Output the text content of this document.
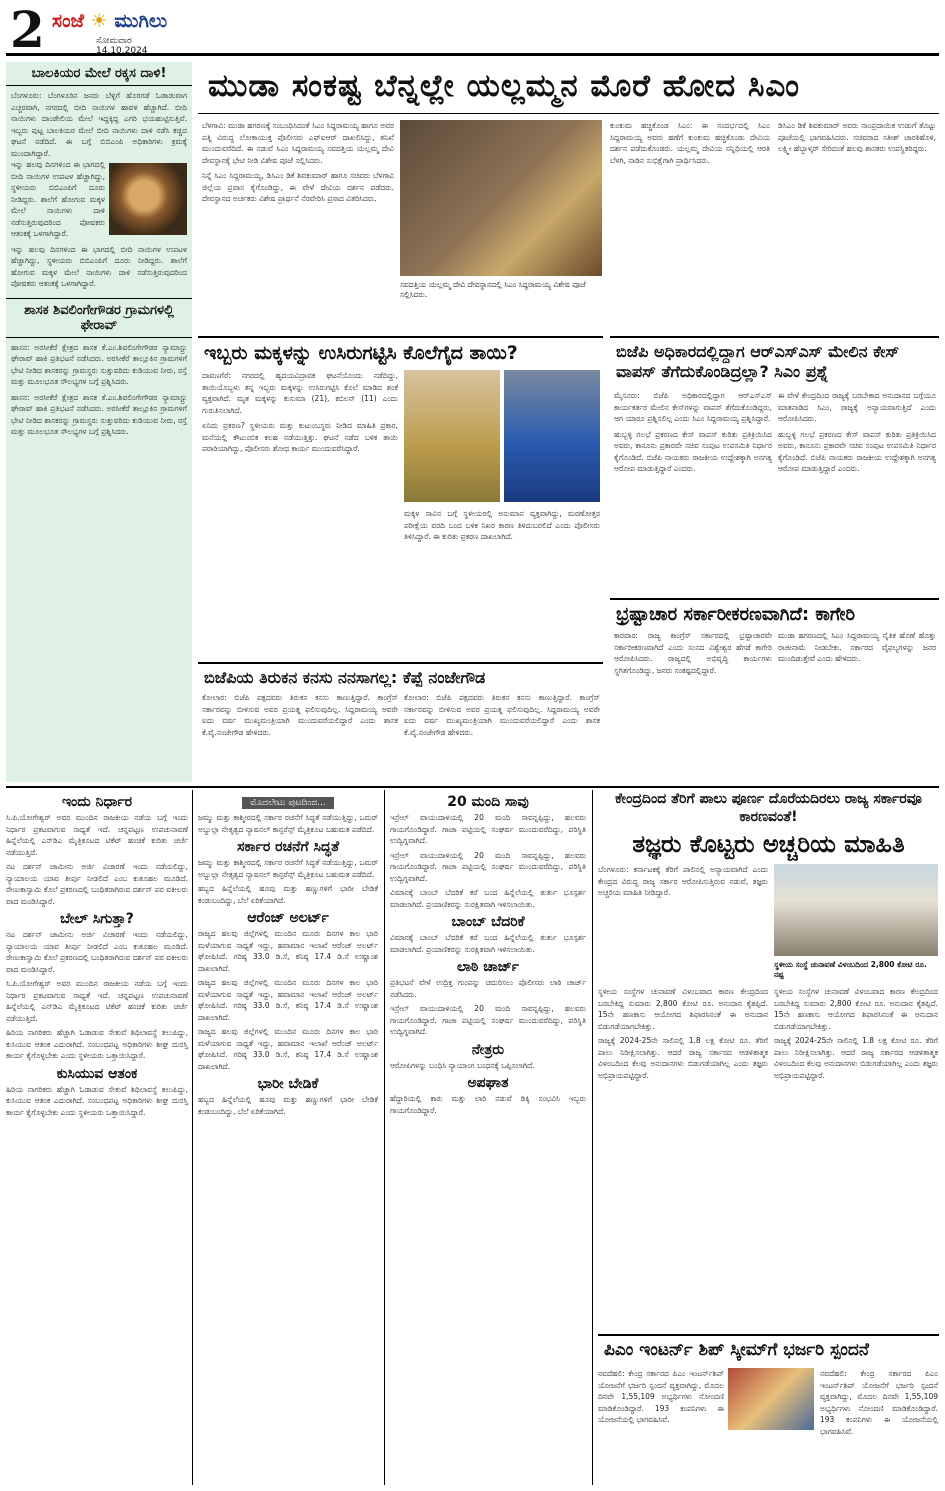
2 ಸಂಜೆ ☀ ಮುಗಿಲು
ಸೋಮವಾರ
14.10.2024
ಬಾಲಕಿಯರ ಮೇಲೆ ರಕ್ಕಸ ದಾಳಿ!

ಬೆಂಗಳೂರು: ಬೆಂಗಳೂರಿನ ಜನರು ಬೆಳ್ಳಿಗೆ ಹೊರಗಡೆ ಓಡಾಡುವಾಗ ಎಚ್ಚರವಾಗಿ, ನಗರದಲ್ಲಿ ಬೀದಿ ನಾಯಿಗಳ ಹಾವಳಿ ಹೆಚ್ಚಾಗಿದೆ. ಬೀದಿ ನಾಯಿಗಳು ದಾಂಡೇಲಿಯ ಮೇಲೆ ಇದ್ದಕ್ಕಿದ್ದ ಎಗರಿ ಭಯಹುಟ್ಟಿಸುತ್ತಿವೆ. ಇಬ್ಬರು ಪುಟ್ಟ ಬಾಲಕಿಯರ ಮೇಲೆ ಬೀದಿ ನಾಯಿಗಳು ದಾಳಿ ನಡೆಸಿ ಕಚ್ಚಿದ ಘಟನೆ ನಡೆದಿದೆ. ಈ ಬಗ್ಗೆ ಬಿಬಿಎಂಪಿ ಅಧಿಕಾರಿಗಳು ಕ್ರಮಕ್ಕೆ ಮುಂದಾಗಿದ್ದಾರೆ.

ಇನ್ನು ಹಲವು ದಿನಗಳಿಂದ ಈ ಭಾಗದಲ್ಲಿ ಬೀದಿ ನಾಯಿಗಳ ಉಪಟಳ ಹೆಚ್ಚಾಗಿದ್ದು, ಸ್ಥಳೀಯರು ಬಿಬಿಎಂಪಿಗೆ ದೂರು ನೀಡಿದ್ದರು. ಶಾಲೆಗೆ ಹೋಗುವ ಮಕ್ಕಳ ಮೇಲೆ ನಾಯಿಗಳು ದಾಳಿ ನಡೆಸುತ್ತಿರುವುದರಿಂದ ಪೋಷಕರು ಆತಂಕಕ್ಕೆ ಒಳಗಾಗಿದ್ದಾರೆ.

ಇನ್ನು ಹಲವು ದಿನಗಳಿಂದ ಈ ಭಾಗದಲ್ಲಿ ಬೀದಿ ನಾಯಿಗಳ ಉಪಟಳ ಹೆಚ್ಚಾಗಿದ್ದು, ಸ್ಥಳೀಯರು ಬಿಬಿಎಂಪಿಗೆ ದೂರು ನೀಡಿದ್ದರು. ಶಾಲೆಗೆ ಹೋಗುವ ಮಕ್ಕಳ ಮೇಲೆ ನಾಯಿಗಳು ದಾಳಿ ನಡೆಸುತ್ತಿರುವುದರಿಂದ ಪೋಷಕರು ಆತಂಕಕ್ಕೆ ಒಳಗಾಗಿದ್ದಾರೆ.

ಶಾಸಕ ಶಿವಲಿಂಗೇಗೌಡರ ಗ್ರಾಮಗಳಲ್ಲಿ ಫೇರಾವ್

ಹಾಸನ: ಅರಸೀಕೆರೆ ಕ್ಷೇತ್ರದ ಶಾಸಕ ಕೆ.ಎಂ.ಶಿವಲಿಂಗೇಗೌಡರ ನ್ಯಾಮಾಸ್ಟ್ರು ಘೇರಾವ್ ಹಾಕಿ ಪ್ರತಿಭಟನೆ ನಡೆಸಿದರು. ಅರಸೀಕೆರೆ ತಾಲ್ಲೂಕಿನ ಗ್ರಾಮಗಳಿಗೆ ಭೇಟಿ ನೀಡಿದ ಶಾಸಕರನ್ನು ಗ್ರಾಮಸ್ಥರು ಸುತ್ತುವರಿದು ಕುಡಿಯುವ ನೀರು, ರಸ್ತೆ ಮತ್ತು ಮೂಲಭೂತ ಸೌಲಭ್ಯಗಳ ಬಗ್ಗೆ ಪ್ರಶ್ನಿಸಿದರು.

ಹಾಸನ: ಅರಸೀಕೆರೆ ಕ್ಷೇತ್ರದ ಶಾಸಕ ಕೆ.ಎಂ.ಶಿವಲಿಂಗೇಗೌಡರ ನ್ಯಾಮಾಸ್ಟ್ರು ಘೇರಾವ್ ಹಾಕಿ ಪ್ರತಿಭಟನೆ ನಡೆಸಿದರು. ಅರಸೀಕೆರೆ ತಾಲ್ಲೂಕಿನ ಗ್ರಾಮಗಳಿಗೆ ಭೇಟಿ ನೀಡಿದ ಶಾಸಕರನ್ನು ಗ್ರಾಮಸ್ಥರು ಸುತ್ತುವರಿದು ಕುಡಿಯುವ ನೀರು, ರಸ್ತೆ ಮತ್ತು ಮೂಲಭೂತ ಸೌಲಭ್ಯಗಳ ಬಗ್ಗೆ ಪ್ರಶ್ನಿಸಿದರು.

ಮುಡಾ ಸಂಕಷ್ಟ ಬೆನ್ನಲ್ಲೇ ಯಲ್ಲಮ್ಮನ ಮೊರೆ ಹೋದ ಸಿಎಂ

ಬೆಳಗಾವಿ: ಮುಡಾ ಹಗರಣಕ್ಕೆ ಸಂಬಂಧಿಸಿದಂತೆ ಸಿಎಂ ಸಿದ್ದರಾಮಯ್ಯ ಹಾಗೂ ಅವರ ಪತ್ನಿ ವಿರುದ್ಧ ಲೋಕಾಯುಕ್ತ ಪೊಲೀಸರು ಎಫ್‌ಐಆರ್ ದಾಖಲಿಸಿದ್ದು, ತನಿಖೆ ಮುಂದುವರೆದಿದೆ. ಈ ನಡುವೆ ಸಿಎಂ ಸಿದ್ದರಾಮಯ್ಯ ಸವದತ್ತಿಯ ಯಲ್ಲಮ್ಮ ದೇವಿ ದೇವಸ್ಥಾನಕ್ಕೆ ಭೇಟಿ ನೀಡಿ ವಿಶೇಷ ಪೂಜೆ ಸಲ್ಲಿಸಿದರು.

ನಿನ್ನೆ ಸಿಎಂ ಸಿದ್ದರಾಮಯ್ಯ, ಡಿಸಿಎಂ ಡಿಕೆ ಶಿವಕುಮಾರ್ ಹಾಗೂ ಸಚಿವರು ಬೆಳಗಾವಿ ಜಿಲ್ಲೆಯ ಪ್ರವಾಸ ಕೈಗೊಂಡಿದ್ದು, ಈ ವೇಳೆ ದೇವಿಯ ದರ್ಶನ ಪಡೆದರು. ದೇವಸ್ಥಾನದ ಅರ್ಚಕರು ವಿಶೇಷ ಪ್ರಾರ್ಥನೆ ನೆರವೇರಿಸಿ ಪ್ರಸಾದ ವಿತರಿಸಿದರು.

ಸವದತ್ತಿಯ ಯಲ್ಲಮ್ಮ ದೇವಿ ದೇವಸ್ಥಾನದಲ್ಲಿ ಸಿಎಂ ಸಿದ್ದರಾಮಯ್ಯ ವಿಶೇಷ ಪೂಜೆ ಸಲ್ಲಿಸಿದರು.

ಕುಂಕುಮ ಹಚ್ಚಿಕೊಂಡ ಸಿಎಂ: ಈ ಸಂದರ್ಭದಲ್ಲಿ ಸಿಎಂ ಸಿದ್ದರಾಮಯ್ಯ ಅವರು ಹಣೆಗೆ ಕುಂಕುಮ ಹಚ್ಚಿಕೊಂಡು ದೇವಿಯ ದರ್ಶನ ಪಡೆದುಕೊಂಡರು. ಯಲ್ಲಮ್ಮ ದೇವಿಯ ಸನ್ನಿಧಿಯಲ್ಲಿ ಆರತಿ ಬೆಳಗಿ, ನಾಡಿನ ಸುಭಿಕ್ಷೆಗಾಗಿ ಪ್ರಾರ್ಥಿಸಿದರು.

ಡಿಸಿಎಂ ಡಿಕೆ ಶಿವಕುಮಾರ್ ಅವರು ಸಾಂಪ್ರದಾಯಿಕ ಉಡುಗೆ ತೊಟ್ಟು ಪೂಜೆಯಲ್ಲಿ ಭಾಗವಹಿಸಿದರು. ಸಚಿವರಾದ ಸತೀಶ್ ಜಾರಕಿಹೊಳಿ, ಲಕ್ಷ್ಮೀ ಹೆಬ್ಬಾಳ್ಕರ್ ಸೇರಿದಂತೆ ಹಲವು ಶಾಸಕರು ಉಪಸ್ಥಿತರಿದ್ದರು.

ಇಬ್ಬರು ಮಕ್ಕಳನ್ನು ಉಸಿರುಗಟ್ಟಿಸಿ ಕೊಲೆಗೈದ ತಾಯಿ?

ದಾವಣಗೆರೆ: ನಗರದಲ್ಲಿ ಹೃದಯವಿದ್ರಾವಕ ಘಟನೆಯೊಂದು ನಡೆದಿದ್ದು, ತಾಯಿಯೊಬ್ಬಳು ತನ್ನ ಇಬ್ಬರು ಮಕ್ಕಳನ್ನು ಉಸಿರುಗಟ್ಟಿಸಿ ಕೊಲೆ ಮಾಡಿದ ಶಂಕೆ ವ್ಯಕ್ತವಾಗಿದೆ. ಮೃತ ಮಕ್ಕಳನ್ನು ಕುಸುಮಾ (21), ಕಬಿಲನ್ (11) ಎಂದು ಗುರುತಿಸಲಾಗಿದೆ.

ಏನಿದು ಪ್ರಕರಣ? ಸ್ಥಳೀಯರು ಮತ್ತು ಕುಟುಂಬಸ್ಥರು ನೀಡಿದ ಮಾಹಿತಿ ಪ್ರಕಾರ, ಮನೆಯಲ್ಲಿ ಕೌಟುಂಬಿಕ ಕಲಹ ನಡೆಯುತ್ತಿತ್ತು. ಘಟನೆ ನಡೆದ ಬಳಿಕ ತಾಯಿ ಪರಾರಿಯಾಗಿದ್ದು, ಪೊಲೀಸರು ಶೋಧ ಕಾರ್ಯ ಮುಂದುವರೆಸಿದ್ದಾರೆ.

ಮಕ್ಕಳ ಸಾವಿನ ಬಗ್ಗೆ ಸ್ಥಳೀಯರಲ್ಲಿ ಅನುಮಾನ ವ್ಯಕ್ತವಾಗಿದ್ದು, ಮರಣೋತ್ತರ ಪರೀಕ್ಷೆಯ ವರದಿ ಬಂದ ಬಳಿಕ ನಿಖರ ಕಾರಣ ತಿಳಿದುಬರಲಿದೆ ಎಂದು ಪೊಲೀಸರು ತಿಳಿಸಿದ್ದಾರೆ. ಈ ಕುರಿತು ಪ್ರಕರಣ ದಾಖಲಾಗಿದೆ.

ಬಿಜೆಪಿ ಅಧಿಕಾರದಲ್ಲಿದ್ದಾಗ ಆರ್‌ಎಸ್‌ಎಸ್ ಮೇಲಿನ ಕೇಸ್ ವಾಪಸ್ ತೆಗೆದುಕೊಂಡಿದ್ರಲ್ಲಾ? ಸಿಎಂ ಪ್ರಶ್ನೆ

ಮೈಸೂರು: ಬಿಜೆಪಿ ಅಧಿಕಾರದಲ್ಲಿದ್ದಾಗ ಆರ್‌ಎಸ್‌ಎಸ್ ಕಾರ್ಯಕರ್ತರ ಮೇಲಿನ ಕೇಸ್‌ಗಳನ್ನು ವಾಪಸ್ ತೆಗೆದುಕೊಂಡಿದ್ದರು, ಆಗ ಯಾರೂ ಪ್ರಶ್ನಿಸಲಿಲ್ಲ ಎಂದು ಸಿಎಂ ಸಿದ್ದರಾಮಯ್ಯ ಪ್ರಶ್ನಿಸಿದ್ದಾರೆ.

ಹುಬ್ಬಳ್ಳಿ ಗಲಭೆ ಪ್ರಕರಣದ ಕೇಸ್ ವಾಪಸ್ ಕುರಿತು ಪ್ರತಿಕ್ರಿಯಿಸಿದ ಅವರು, ಕಾನೂನು ಪ್ರಕಾರವೇ ಸಚಿವ ಸಂಪುಟ ಉಪಸಮಿತಿ ನಿರ್ಧಾರ ಕೈಗೊಂಡಿದೆ. ಬಿಜೆಪಿ ನಾಯಕರು ರಾಜಕೀಯ ಉದ್ದೇಶಕ್ಕಾಗಿ ಅನಗತ್ಯ ಆರೋಪ ಮಾಡುತ್ತಿದ್ದಾರೆ ಎಂದರು.

ಈ ವೇಳೆ ಕೇಂದ್ರದಿಂದ ರಾಜ್ಯಕ್ಕೆ ಬರಬೇಕಾದ ಅನುದಾನದ ಬಗ್ಗೆಯೂ ಮಾತನಾಡಿದ ಸಿಎಂ, ರಾಜ್ಯಕ್ಕೆ ಅನ್ಯಾಯವಾಗುತ್ತಿದೆ ಎಂದು ಆರೋಪಿಸಿದರು.

ಹುಬ್ಬಳ್ಳಿ ಗಲಭೆ ಪ್ರಕರಣದ ಕೇಸ್ ವಾಪಸ್ ಕುರಿತು ಪ್ರತಿಕ್ರಿಯಿಸಿದ ಅವರು, ಕಾನೂನು ಪ್ರಕಾರವೇ ಸಚಿವ ಸಂಪುಟ ಉಪಸಮಿತಿ ನಿರ್ಧಾರ ಕೈಗೊಂಡಿದೆ. ಬಿಜೆಪಿ ನಾಯಕರು ರಾಜಕೀಯ ಉದ್ದೇಶಕ್ಕಾಗಿ ಅನಗತ್ಯ ಆರೋಪ ಮಾಡುತ್ತಿದ್ದಾರೆ ಎಂದರು.

ಭ್ರಷ್ಟಾಚಾರ ಸರ್ಕಾರೀಕರಣವಾಗಿದೆ: ಕಾಗೇರಿ

ಕಾರವಾರ: ರಾಜ್ಯ ಕಾಂಗ್ರೆಸ್ ಸರ್ಕಾರದಲ್ಲಿ ಭ್ರಷ್ಟಾಚಾರವೇ ಸರ್ಕಾರೀಕರಣವಾಗಿದೆ ಎಂದು ಸಂಸದ ವಿಶ್ವೇಶ್ವರ ಹೆಗಡೆ ಕಾಗೇರಿ ಆರೋಪಿಸಿದರು. ರಾಜ್ಯದಲ್ಲಿ ಅಭಿವೃದ್ಧಿ ಕಾರ್ಯಗಳು ಸ್ಥಗಿತಗೊಂಡಿದ್ದು, ಜನರು ಸಂಕಷ್ಟದಲ್ಲಿದ್ದಾರೆ.

ಮುಡಾ ಹಗರಣದಲ್ಲಿ ಸಿಎಂ ಸಿದ್ದರಾಮಯ್ಯ ನೈತಿಕ ಹೊಣೆ ಹೊತ್ತು ರಾಜೀನಾಮೆ ನೀಡಬೇಕು. ಸರ್ಕಾರದ ವೈಫಲ್ಯಗಳನ್ನು ಜನರ ಮುಂದಿಡುತ್ತೇವೆ ಎಂದು ಹೇಳಿದರು.

ಬಿಜೆಪಿಯ ತಿರುಕನ ಕನಸು ನನಸಾಗಲ್ಲ: ಕೆಪ್ಪೆ ನಂಜೇಗೌಡ

ಕೋಲಾರ: ಬಿಜೆಪಿ ಪಕ್ಷದವರು ತಿರುಕನ ಕನಸು ಕಾಣುತ್ತಿದ್ದಾರೆ. ಕಾಂಗ್ರೆಸ್ ಸರ್ಕಾರವನ್ನು ಬೀಳಿಸುವ ಅವರ ಪ್ರಯತ್ನ ಫಲಿಸುವುದಿಲ್ಲ. ಸಿದ್ದರಾಮಯ್ಯ ಅವರೇ ಐದು ವರ್ಷ ಮುಖ್ಯಮಂತ್ರಿಯಾಗಿ ಮುಂದುವರೆಯಲಿದ್ದಾರೆ ಎಂದು ಶಾಸಕ ಕೆ.ವೈ.ನಂಜೇಗೌಡ ಹೇಳಿದರು.

ಕೋಲಾರ: ಬಿಜೆಪಿ ಪಕ್ಷದವರು ತಿರುಕನ ಕನಸು ಕಾಣುತ್ತಿದ್ದಾರೆ. ಕಾಂಗ್ರೆಸ್ ಸರ್ಕಾರವನ್ನು ಬೀಳಿಸುವ ಅವರ ಪ್ರಯತ್ನ ಫಲಿಸುವುದಿಲ್ಲ. ಸಿದ್ದರಾಮಯ್ಯ ಅವರೇ ಐದು ವರ್ಷ ಮುಖ್ಯಮಂತ್ರಿಯಾಗಿ ಮುಂದುವರೆಯಲಿದ್ದಾರೆ ಎಂದು ಶಾಸಕ ಕೆ.ವೈ.ನಂಜೇಗೌಡ ಹೇಳಿದರು.

ಇಂದು ನಿರ್ಧಾರ

ಸಿ.ಪಿ.ಯೋಗೇಶ್ವರ್ ಅವರ ಮುಂದಿನ ರಾಜಕೀಯ ನಡೆಯ ಬಗ್ಗೆ ಇಂದು ನಿರ್ಧಾರ ಪ್ರಕಟವಾಗುವ ಸಾಧ್ಯತೆ ಇದೆ. ಚನ್ನಪಟ್ಟಣ ಉಪಚುನಾವಣೆ ಹಿನ್ನೆಲೆಯಲ್ಲಿ ಎನ್‌ಡಿಎ ಮೈತ್ರಿಕೂಟದ ಟಿಕೆಟ್ ಹಂಚಿಕೆ ಕುರಿತು ಚರ್ಚೆ ನಡೆಯುತ್ತಿದೆ.

ನಟ ದರ್ಶನ್ ಜಾಮೀನು ಅರ್ಜಿ ವಿಚಾರಣೆ ಇಂದು ನಡೆಯಲಿದ್ದು, ನ್ಯಾಯಾಲಯ ಯಾವ ತೀರ್ಪು ನೀಡಲಿದೆ ಎಂಬ ಕುತೂಹಲ ಮೂಡಿದೆ. ರೇಣುಕಾಸ್ವಾಮಿ ಕೊಲೆ ಪ್ರಕರಣದಲ್ಲಿ ಬಂಧಿತರಾಗಿರುವ ದರ್ಶನ್ ಪರ ವಕೀಲರು ವಾದ ಮಂಡಿಸಿದ್ದಾರೆ.

ಬೇಲ್ ಸಿಗುತ್ತಾ?

ನಟ ದರ್ಶನ್ ಜಾಮೀನು ಅರ್ಜಿ ವಿಚಾರಣೆ ಇಂದು ನಡೆಯಲಿದ್ದು, ನ್ಯಾಯಾಲಯ ಯಾವ ತೀರ್ಪು ನೀಡಲಿದೆ ಎಂಬ ಕುತೂಹಲ ಮೂಡಿದೆ. ರೇಣುಕಾಸ್ವಾಮಿ ಕೊಲೆ ಪ್ರಕರಣದಲ್ಲಿ ಬಂಧಿತರಾಗಿರುವ ದರ್ಶನ್ ಪರ ವಕೀಲರು ವಾದ ಮಂಡಿಸಿದ್ದಾರೆ.

ಸಿ.ಪಿ.ಯೋಗೇಶ್ವರ್ ಅವರ ಮುಂದಿನ ರಾಜಕೀಯ ನಡೆಯ ಬಗ್ಗೆ ಇಂದು ನಿರ್ಧಾರ ಪ್ರಕಟವಾಗುವ ಸಾಧ್ಯತೆ ಇದೆ. ಚನ್ನಪಟ್ಟಣ ಉಪಚುನಾವಣೆ ಹಿನ್ನೆಲೆಯಲ್ಲಿ ಎನ್‌ಡಿಎ ಮೈತ್ರಿಕೂಟದ ಟಿಕೆಟ್ ಹಂಚಿಕೆ ಕುರಿತು ಚರ್ಚೆ ನಡೆಯುತ್ತಿದೆ.

ಹಿರಿಯ ನಾಗರಿಕರು ಹೆಚ್ಚಾಗಿ ಓಡಾಡುವ ಸೇತುವೆ ಶಿಥಿಲಾವಸ್ಥೆ ತಲುಪಿದ್ದು, ಕುಸಿಯುವ ಆತಂಕ ಎದುರಾಗಿದೆ. ಸಂಬಂಧಪಟ್ಟ ಅಧಿಕಾರಿಗಳು ಶೀಘ್ರ ದುರಸ್ತಿ ಕಾರ್ಯ ಕೈಗೊಳ್ಳಬೇಕು ಎಂದು ಸ್ಥಳೀಯರು ಒತ್ತಾಯಿಸಿದ್ದಾರೆ.

ಕುಸಿಯುವ ಆತಂಕ

ಹಿರಿಯ ನಾಗರಿಕರು ಹೆಚ್ಚಾಗಿ ಓಡಾಡುವ ಸೇತುವೆ ಶಿಥಿಲಾವಸ್ಥೆ ತಲುಪಿದ್ದು, ಕುಸಿಯುವ ಆತಂಕ ಎದುರಾಗಿದೆ. ಸಂಬಂಧಪಟ್ಟ ಅಧಿಕಾರಿಗಳು ಶೀಘ್ರ ದುರಸ್ತಿ ಕಾರ್ಯ ಕೈಗೊಳ್ಳಬೇಕು ಎಂದು ಸ್ಥಳೀಯರು ಒತ್ತಾಯಿಸಿದ್ದಾರೆ.

ಮೊದಲೇಟು ಪುಟದಿಂದ...

ಜಮ್ಮು ಮತ್ತು ಕಾಶ್ಮೀರದಲ್ಲಿ ಸರ್ಕಾರ ರಚನೆಗೆ ಸಿದ್ಧತೆ ನಡೆಯುತ್ತಿದ್ದು, ಒಮರ್ ಅಬ್ದುಲ್ಲಾ ನೇತೃತ್ವದ ನ್ಯಾಷನಲ್ ಕಾನ್ಫರೆನ್ಸ್ ಮೈತ್ರಿಕೂಟ ಬಹುಮತ ಪಡೆದಿದೆ.

ಸರ್ಕಾರ ರಚನೆಗೆ ಸಿದ್ಧತೆ

ಜಮ್ಮು ಮತ್ತು ಕಾಶ್ಮೀರದಲ್ಲಿ ಸರ್ಕಾರ ರಚನೆಗೆ ಸಿದ್ಧತೆ ನಡೆಯುತ್ತಿದ್ದು, ಒಮರ್ ಅಬ್ದುಲ್ಲಾ ನೇತೃತ್ವದ ನ್ಯಾಷನಲ್ ಕಾನ್ಫರೆನ್ಸ್ ಮೈತ್ರಿಕೂಟ ಬಹುಮತ ಪಡೆದಿದೆ.

ಹಬ್ಬದ ಹಿನ್ನೆಲೆಯಲ್ಲಿ ಹೂವು ಮತ್ತು ಹಣ್ಣುಗಳಿಗೆ ಭಾರೀ ಬೇಡಿಕೆ ಕಂಡುಬಂದಿದ್ದು, ಬೆಲೆ ಏರಿಕೆಯಾಗಿದೆ.

ಆರೆಂಜ್ ಅಲರ್ಟ್

ರಾಜ್ಯದ ಹಲವು ಜಿಲ್ಲೆಗಳಲ್ಲಿ ಮುಂದಿನ ಮೂರು ದಿನಗಳ ಕಾಲ ಭಾರಿ ಮಳೆಯಾಗುವ ಸಾಧ್ಯತೆ ಇದ್ದು, ಹವಾಮಾನ ಇಲಾಖೆ ಆರೆಂಜ್ ಅಲರ್ಟ್ ಘೋಷಿಸಿದೆ. ಗರಿಷ್ಠ 33.0 ಡಿ.ಸೆ, ಕನಿಷ್ಠ 17.4 ಡಿ.ಸೆ ಉಷ್ಣಾಂಶ ದಾಖಲಾಗಿದೆ.

ರಾಜ್ಯದ ಹಲವು ಜಿಲ್ಲೆಗಳಲ್ಲಿ ಮುಂದಿನ ಮೂರು ದಿನಗಳ ಕಾಲ ಭಾರಿ ಮಳೆಯಾಗುವ ಸಾಧ್ಯತೆ ಇದ್ದು, ಹವಾಮಾನ ಇಲಾಖೆ ಆರೆಂಜ್ ಅಲರ್ಟ್ ಘೋಷಿಸಿದೆ. ಗರಿಷ್ಠ 33.0 ಡಿ.ಸೆ, ಕನಿಷ್ಠ 17.4 ಡಿ.ಸೆ ಉಷ್ಣಾಂಶ ದಾಖಲಾಗಿದೆ.

ರಾಜ್ಯದ ಹಲವು ಜಿಲ್ಲೆಗಳಲ್ಲಿ ಮುಂದಿನ ಮೂರು ದಿನಗಳ ಕಾಲ ಭಾರಿ ಮಳೆಯಾಗುವ ಸಾಧ್ಯತೆ ಇದ್ದು, ಹವಾಮಾನ ಇಲಾಖೆ ಆರೆಂಜ್ ಅಲರ್ಟ್ ಘೋಷಿಸಿದೆ. ಗರಿಷ್ಠ 33.0 ಡಿ.ಸೆ, ಕನಿಷ್ಠ 17.4 ಡಿ.ಸೆ ಉಷ್ಣಾಂಶ ದಾಖಲಾಗಿದೆ.

ಭಾರೀ ಬೇಡಿಕೆ

ಹಬ್ಬದ ಹಿನ್ನೆಲೆಯಲ್ಲಿ ಹೂವು ಮತ್ತು ಹಣ್ಣುಗಳಿಗೆ ಭಾರೀ ಬೇಡಿಕೆ ಕಂಡುಬಂದಿದ್ದು, ಬೆಲೆ ಏರಿಕೆಯಾಗಿದೆ.

20 ಮಂದಿ ಸಾವು

ಇಸ್ರೇಲ್ ವಾಯುದಾಳಿಯಲ್ಲಿ 20 ಮಂದಿ ಸಾವನ್ನಪ್ಪಿದ್ದು, ಹಲವರು ಗಾಯಗೊಂಡಿದ್ದಾರೆ. ಗಾಜಾ ಪಟ್ಟಿಯಲ್ಲಿ ಸಂಘರ್ಷ ಮುಂದುವರೆದಿದ್ದು, ಪರಿಸ್ಥಿತಿ ಉದ್ವಿಗ್ನವಾಗಿದೆ.

ಇಸ್ರೇಲ್ ವಾಯುದಾಳಿಯಲ್ಲಿ 20 ಮಂದಿ ಸಾವನ್ನಪ್ಪಿದ್ದು, ಹಲವರು ಗಾಯಗೊಂಡಿದ್ದಾರೆ. ಗಾಜಾ ಪಟ್ಟಿಯಲ್ಲಿ ಸಂಘರ್ಷ ಮುಂದುವರೆದಿದ್ದು, ಪರಿಸ್ಥಿತಿ ಉದ್ವಿಗ್ನವಾಗಿದೆ.

ವಿಮಾನಕ್ಕೆ ಬಾಂಬ್ ಬೆದರಿಕೆ ಕರೆ ಬಂದ ಹಿನ್ನೆಲೆಯಲ್ಲಿ ತುರ್ತು ಭೂಸ್ಪರ್ಶ ಮಾಡಲಾಗಿದೆ. ಪ್ರಯಾಣಿಕರನ್ನು ಸುರಕ್ಷಿತವಾಗಿ ಇಳಿಸಲಾಯಿತು.

ಬಾಂಬ್ ಬೆದರಿಕೆ

ವಿಮಾನಕ್ಕೆ ಬಾಂಬ್ ಬೆದರಿಕೆ ಕರೆ ಬಂದ ಹಿನ್ನೆಲೆಯಲ್ಲಿ ತುರ್ತು ಭೂಸ್ಪರ್ಶ ಮಾಡಲಾಗಿದೆ. ಪ್ರಯಾಣಿಕರನ್ನು ಸುರಕ್ಷಿತವಾಗಿ ಇಳಿಸಲಾಯಿತು.

ಲಾಠಿ ಚಾರ್ಜ್

ಪ್ರತಿಭಟನೆ ವೇಳೆ ಉದ್ರಿಕ್ತ ಗುಂಪನ್ನು ಚದುರಿಸಲು ಪೊಲೀಸರು ಲಾಠಿ ಚಾರ್ಜ್ ನಡೆಸಿದರು.

ಇಸ್ರೇಲ್ ವಾಯುದಾಳಿಯಲ್ಲಿ 20 ಮಂದಿ ಸಾವನ್ನಪ್ಪಿದ್ದು, ಹಲವರು ಗಾಯಗೊಂಡಿದ್ದಾರೆ. ಗಾಜಾ ಪಟ್ಟಿಯಲ್ಲಿ ಸಂಘರ್ಷ ಮುಂದುವರೆದಿದ್ದು, ಪರಿಸ್ಥಿತಿ ಉದ್ವಿಗ್ನವಾಗಿದೆ.

ನೇತ್ರರು

ಆರೋಪಿಗಳನ್ನು ಬಂಧಿಸಿ ನ್ಯಾಯಾಂಗ ಬಂಧನಕ್ಕೆ ಒಪ್ಪಿಸಲಾಗಿದೆ.

ಅಪಘಾತ

ಹೆದ್ದಾರಿಯಲ್ಲಿ ಕಾರು ಮತ್ತು ಲಾರಿ ನಡುವೆ ಡಿಕ್ಕಿ ಸಂಭವಿಸಿ ಇಬ್ಬರು ಗಾಯಗೊಂಡಿದ್ದಾರೆ.

ಕೇಂದ್ರದಿಂದ ತೆರಿಗೆ ಪಾಲು ಪೂರ್ಣ ದೊರೆಯದಿರಲು ರಾಜ್ಯ ಸರ್ಕಾರವೂ ಕಾರಣವಂತೆ!
ತಜ್ಞರು ಕೊಟ್ಟರು ಅಚ್ಚರಿಯ ಮಾಹಿತಿ

ಬೆಂಗಳೂರು: ಕರ್ನಾಟಕಕ್ಕೆ ತೆರಿಗೆ ಪಾಲಿನಲ್ಲಿ ಅನ್ಯಾಯವಾಗಿದೆ ಎಂದು ಕೇಂದ್ರದ ವಿರುದ್ಧ ರಾಜ್ಯ ಸರ್ಕಾರ ಆರೋಪಿಸುತ್ತಿರುವ ನಡುವೆ, ತಜ್ಞರು ಅಚ್ಚರಿಯ ಮಾಹಿತಿ ನೀಡಿದ್ದಾರೆ.

ಸ್ಥಳೀಯ ಸಂಸ್ಥೆ ಚುನಾವಣೆ ವಿಳಂಬದಿಂದ 2,800 ಕೋಟಿ ರೂ. ನಷ್ಟ

ಸ್ಥಳೀಯ ಸಂಸ್ಥೆಗಳ ಚುನಾವಣೆ ವಿಳಂಬವಾದ ಕಾರಣ ಕೇಂದ್ರದಿಂದ ಬರಬೇಕಿದ್ದ ಸುಮಾರು 2,800 ಕೋಟಿ ರೂ. ಅನುದಾನ ಕೈತಪ್ಪಿದೆ. 15ನೇ ಹಣಕಾಸು ಆಯೋಗದ ಶಿಫಾರಸಿನಂತೆ ಈ ಅನುದಾನ ಬಿಡುಗಡೆಯಾಗಬೇಕಿತ್ತು.

ರಾಜ್ಯಕ್ಕೆ 2024-25ನೇ ಸಾಲಿನಲ್ಲಿ 1.8 ಲಕ್ಷ ಕೋಟಿ ರೂ. ತೆರಿಗೆ ಪಾಲು ನಿರೀಕ್ಷಿಸಲಾಗಿತ್ತು. ಆದರೆ ರಾಜ್ಯ ಸರ್ಕಾರದ ಆಡಳಿತಾತ್ಮಕ ವಿಳಂಬದಿಂದ ಕೆಲವು ಅನುದಾನಗಳು ಬಿಡುಗಡೆಯಾಗಿಲ್ಲ ಎಂದು ತಜ್ಞರು ಅಭಿಪ್ರಾಯಪಟ್ಟಿದ್ದಾರೆ.

ಸ್ಥಳೀಯ ಸಂಸ್ಥೆಗಳ ಚುನಾವಣೆ ವಿಳಂಬವಾದ ಕಾರಣ ಕೇಂದ್ರದಿಂದ ಬರಬೇಕಿದ್ದ ಸುಮಾರು 2,800 ಕೋಟಿ ರೂ. ಅನುದಾನ ಕೈತಪ್ಪಿದೆ. 15ನೇ ಹಣಕಾಸು ಆಯೋಗದ ಶಿಫಾರಸಿನಂತೆ ಈ ಅನುದಾನ ಬಿಡುಗಡೆಯಾಗಬೇಕಿತ್ತು.

ರಾಜ್ಯಕ್ಕೆ 2024-25ನೇ ಸಾಲಿನಲ್ಲಿ 1.8 ಲಕ್ಷ ಕೋಟಿ ರೂ. ತೆರಿಗೆ ಪಾಲು ನಿರೀಕ್ಷಿಸಲಾಗಿತ್ತು. ಆದರೆ ರಾಜ್ಯ ಸರ್ಕಾರದ ಆಡಳಿತಾತ್ಮಕ ವಿಳಂಬದಿಂದ ಕೆಲವು ಅನುದಾನಗಳು ಬಿಡುಗಡೆಯಾಗಿಲ್ಲ ಎಂದು ತಜ್ಞರು ಅಭಿಪ್ರಾಯಪಟ್ಟಿದ್ದಾರೆ.

ಪಿಎಂ ಇಂಟರ್ನ್ ಶಿಪ್ ಸ್ಕೀಮ್‌ಗೆ ಭರ್ಜರಿ ಸ್ಪಂದನೆ

ನವದೆಹಲಿ: ಕೇಂದ್ರ ಸರ್ಕಾರದ ಪಿಎಂ ಇಂಟರ್ನ್‌ಶಿಪ್ ಯೋಜನೆಗೆ ಭರ್ಜರಿ ಸ್ಪಂದನೆ ವ್ಯಕ್ತವಾಗಿದ್ದು, ಮೊದಲ ದಿನವೇ 1,55,109 ಅಭ್ಯರ್ಥಿಗಳು ನೋಂದಣಿ ಮಾಡಿಕೊಂಡಿದ್ದಾರೆ. 193 ಕಂಪನಿಗಳು ಈ ಯೋಜನೆಯಲ್ಲಿ ಭಾಗವಹಿಸಿವೆ.

ನವದೆಹಲಿ: ಕೇಂದ್ರ ಸರ್ಕಾರದ ಪಿಎಂ ಇಂಟರ್ನ್‌ಶಿಪ್ ಯೋಜನೆಗೆ ಭರ್ಜರಿ ಸ್ಪಂದನೆ ವ್ಯಕ್ತವಾಗಿದ್ದು, ಮೊದಲ ದಿನವೇ 1,55,109 ಅಭ್ಯರ್ಥಿಗಳು ನೋಂದಣಿ ಮಾಡಿಕೊಂಡಿದ್ದಾರೆ. 193 ಕಂಪನಿಗಳು ಈ ಯೋಜನೆಯಲ್ಲಿ ಭಾಗವಹಿಸಿವೆ.
